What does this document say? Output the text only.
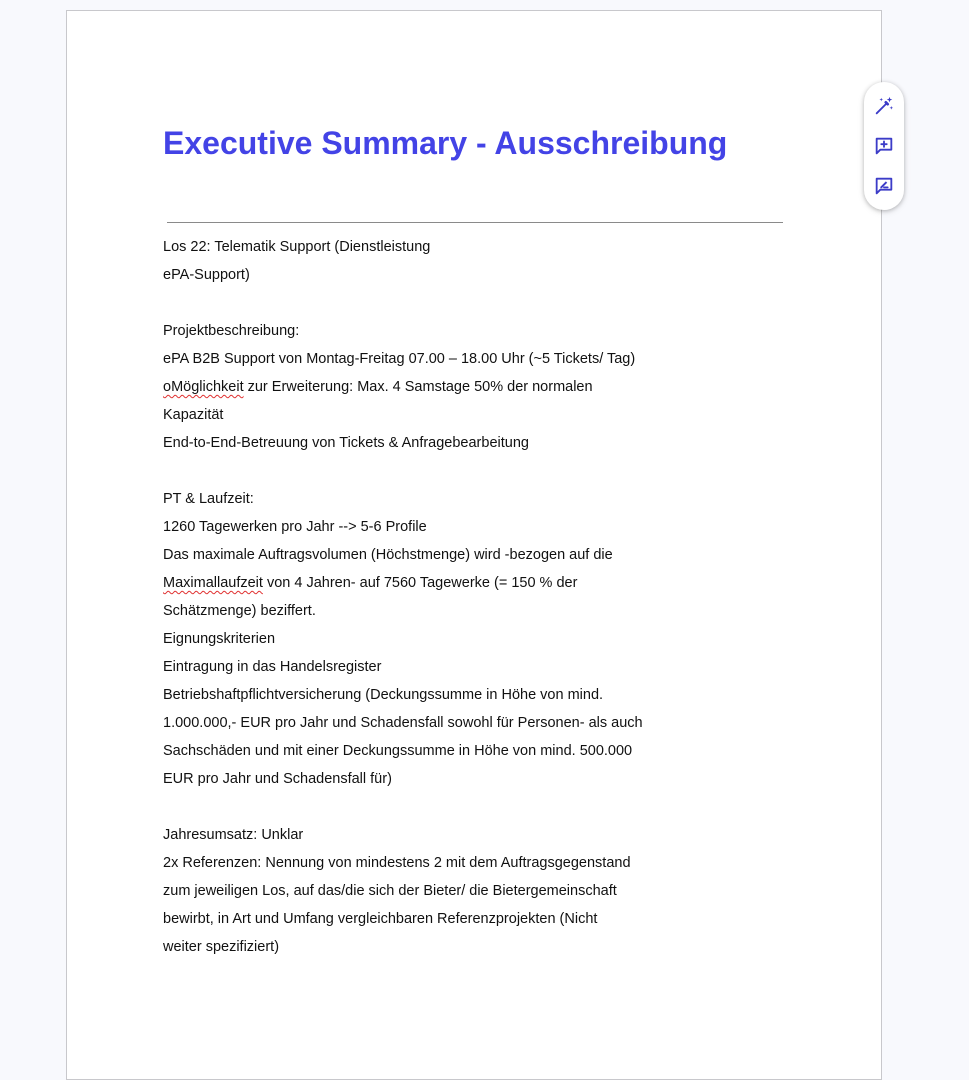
Executive Summary - Ausschreibung
Los 22: Telematik Support (Dienstleistung
ePA-Support)

Projektbeschreibung:
ePA B2B Support von Montag-Freitag 07.00 – 18.00 Uhr (~5 Tickets/ Tag)
oMöglichkeit zur Erweiterung: Max. 4 Samstage 50% der normalen
Kapazität
End-to-End-Betreuung von Tickets & Anfragebearbeitung

PT & Laufzeit:
1260 Tagewerken pro Jahr --> 5-6 Profile
Das maximale Auftragsvolumen (Höchstmenge) wird -bezogen auf die
Maximallaufzeit von 4 Jahren- auf 7560 Tagewerke (= 150 % der
Schätzmenge) beziffert.
Eignungskriterien
Eintragung in das Handelsregister
Betriebshaftpflichtversicherung (Deckungssumme in Höhe von mind.
1.000.000,- EUR pro Jahr und Schadensfall sowohl für Personen- als auch
Sachschäden und mit einer Deckungssumme in Höhe von mind. 500.000
EUR pro Jahr und Schadensfall für)

Jahresumsatz: Unklar
2x Referenzen: Nennung von mindestens 2 mit dem Auftragsgegenstand
zum jeweiligen Los, auf das/die sich der Bieter/ die Bietergemeinschaft
bewirbt, in Art und Umfang vergleichbaren Referenzprojekten (Nicht
weiter spezifiziert)
